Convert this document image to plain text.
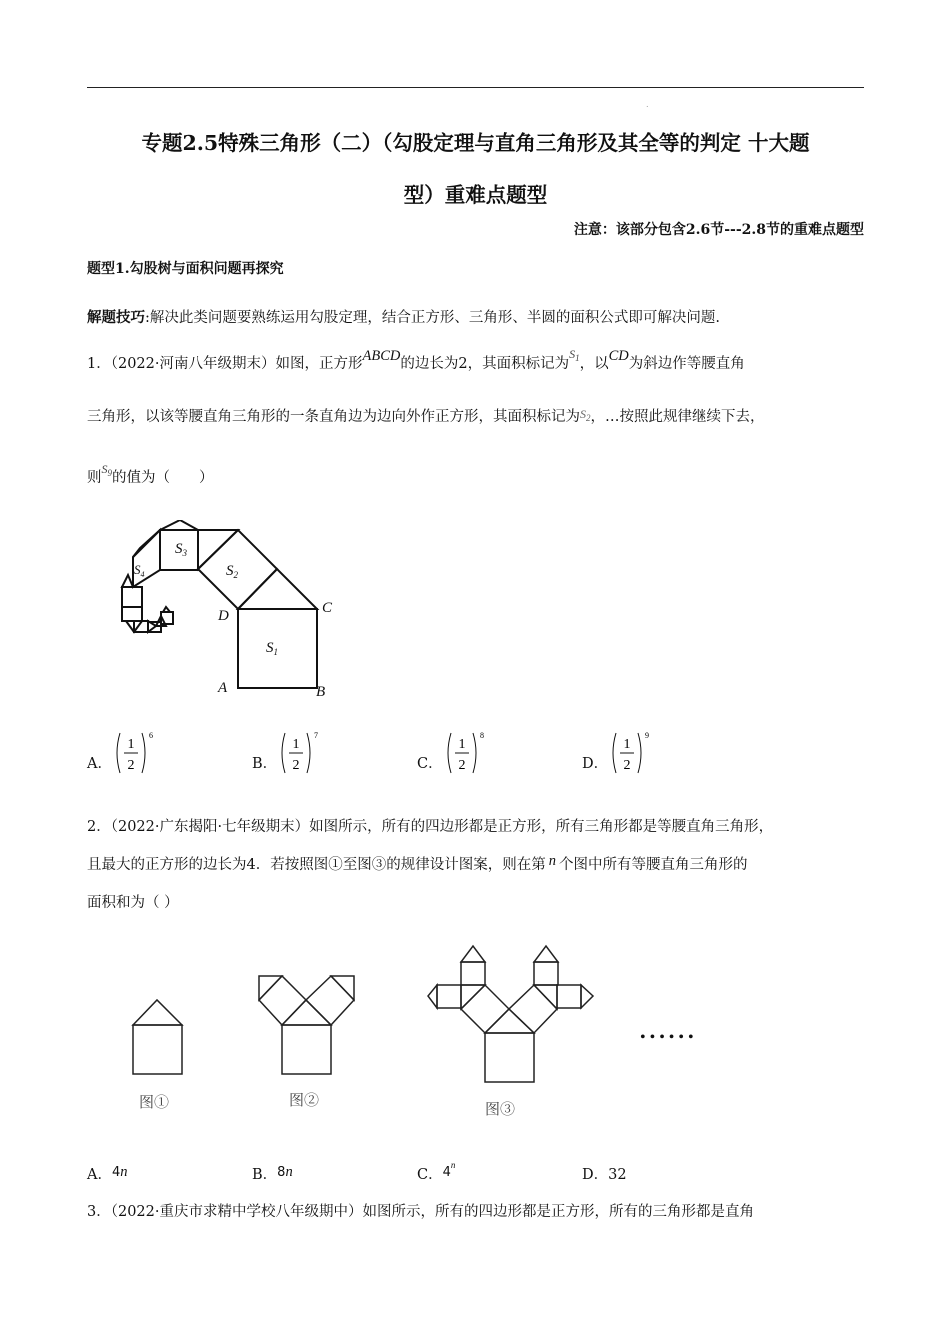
.
专题2.5特殊三角形（二）（勾股定理与直角三角形及其全等的判定 十大题
型）重难点题型
注意：该部分包含2.6节---2.8节的重难点题型
题型1.勾股树与面积问题再探究
解题技巧:解决此类问题要熟练运用勾股定理，结合正方形、三角形、半圆的面积公式即可解决问题.
1．（2022·河南八年级期末）如图，正方形ABCD的边长为2，其面积标记为$^{S_1}$，以CD为斜边作等腰直角
三角形，以该等腰直角三角形的一条直角边为边向外作正方形，其面积标记为$^{S_2}$，…按照此规律继续下去，
则$^{S_9}$的值为（　　）
$S_1$
$S_2$
$S_3$
$S_4$
A	B
C
D
A．
1
2
6
B．
1
2
7
C．
1
2
8
D．
1
2
9
2．（2022·广东揭阳·七年级期末）如图所示，所有的四边形都是正方形，所有三角形都是等腰直角三角形，
且最大的正方形的边长为4．若按照图①至图③的规律设计图案，则在第 n 个图中所有等腰直角三角形的
面积和为（ ）
图①	图②
图③
• • • • • •
A．4n	B．8n	C．4$^n$
D．32
3．（2022·重庆市求精中学校八年级期中）如图所示，所有的四边形都是正方形，所有的三角形都是直角
